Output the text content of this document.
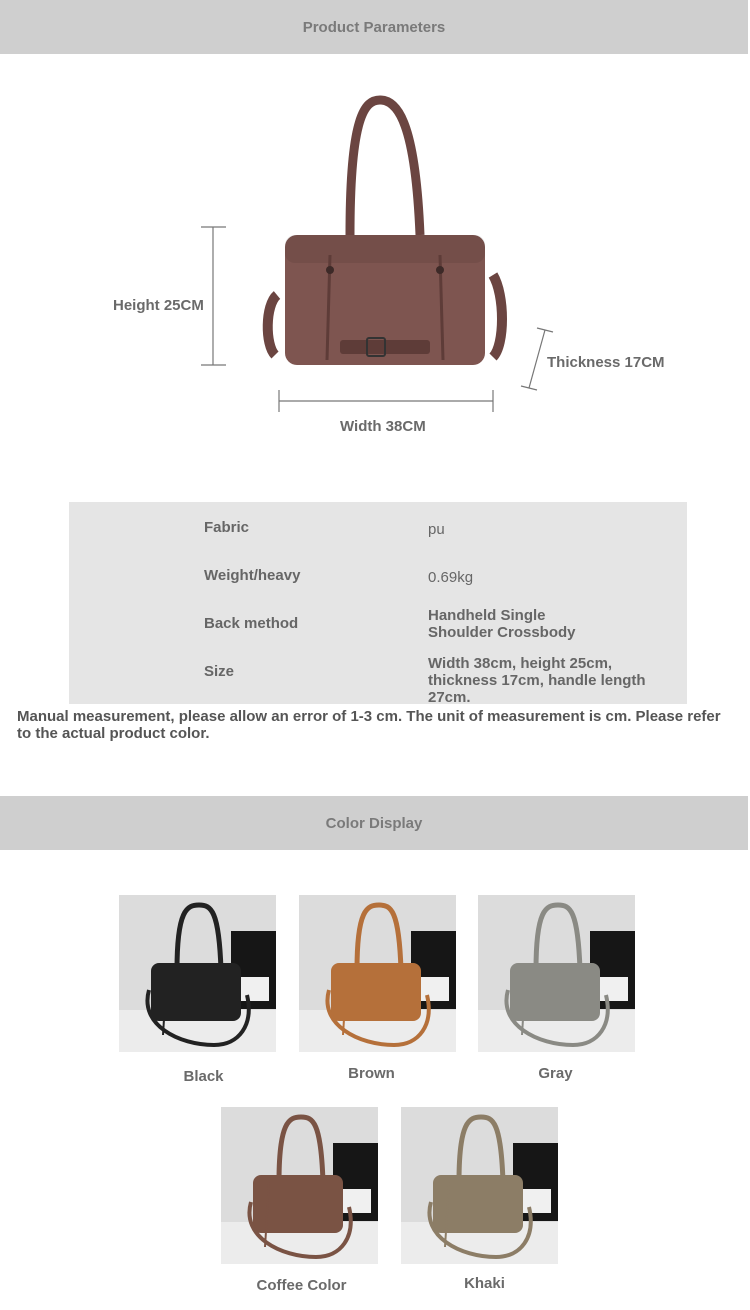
Product Parameters
Height 25CM
Width 38CM
Thickness 17CM
Fabric	pu
Weight/heavy	0.69kg
Back method	Handheld Single Shoulder Crossbody
Size	Width 38cm, height 25cm, thickness 17cm, handle length 27cm.
Manual measurement, please allow an error of 1-3 cm. The unit of measurement is cm. Please refer to the actual product color.
Color Display
Black	Brown	Gray
Coffee Color	Khaki
